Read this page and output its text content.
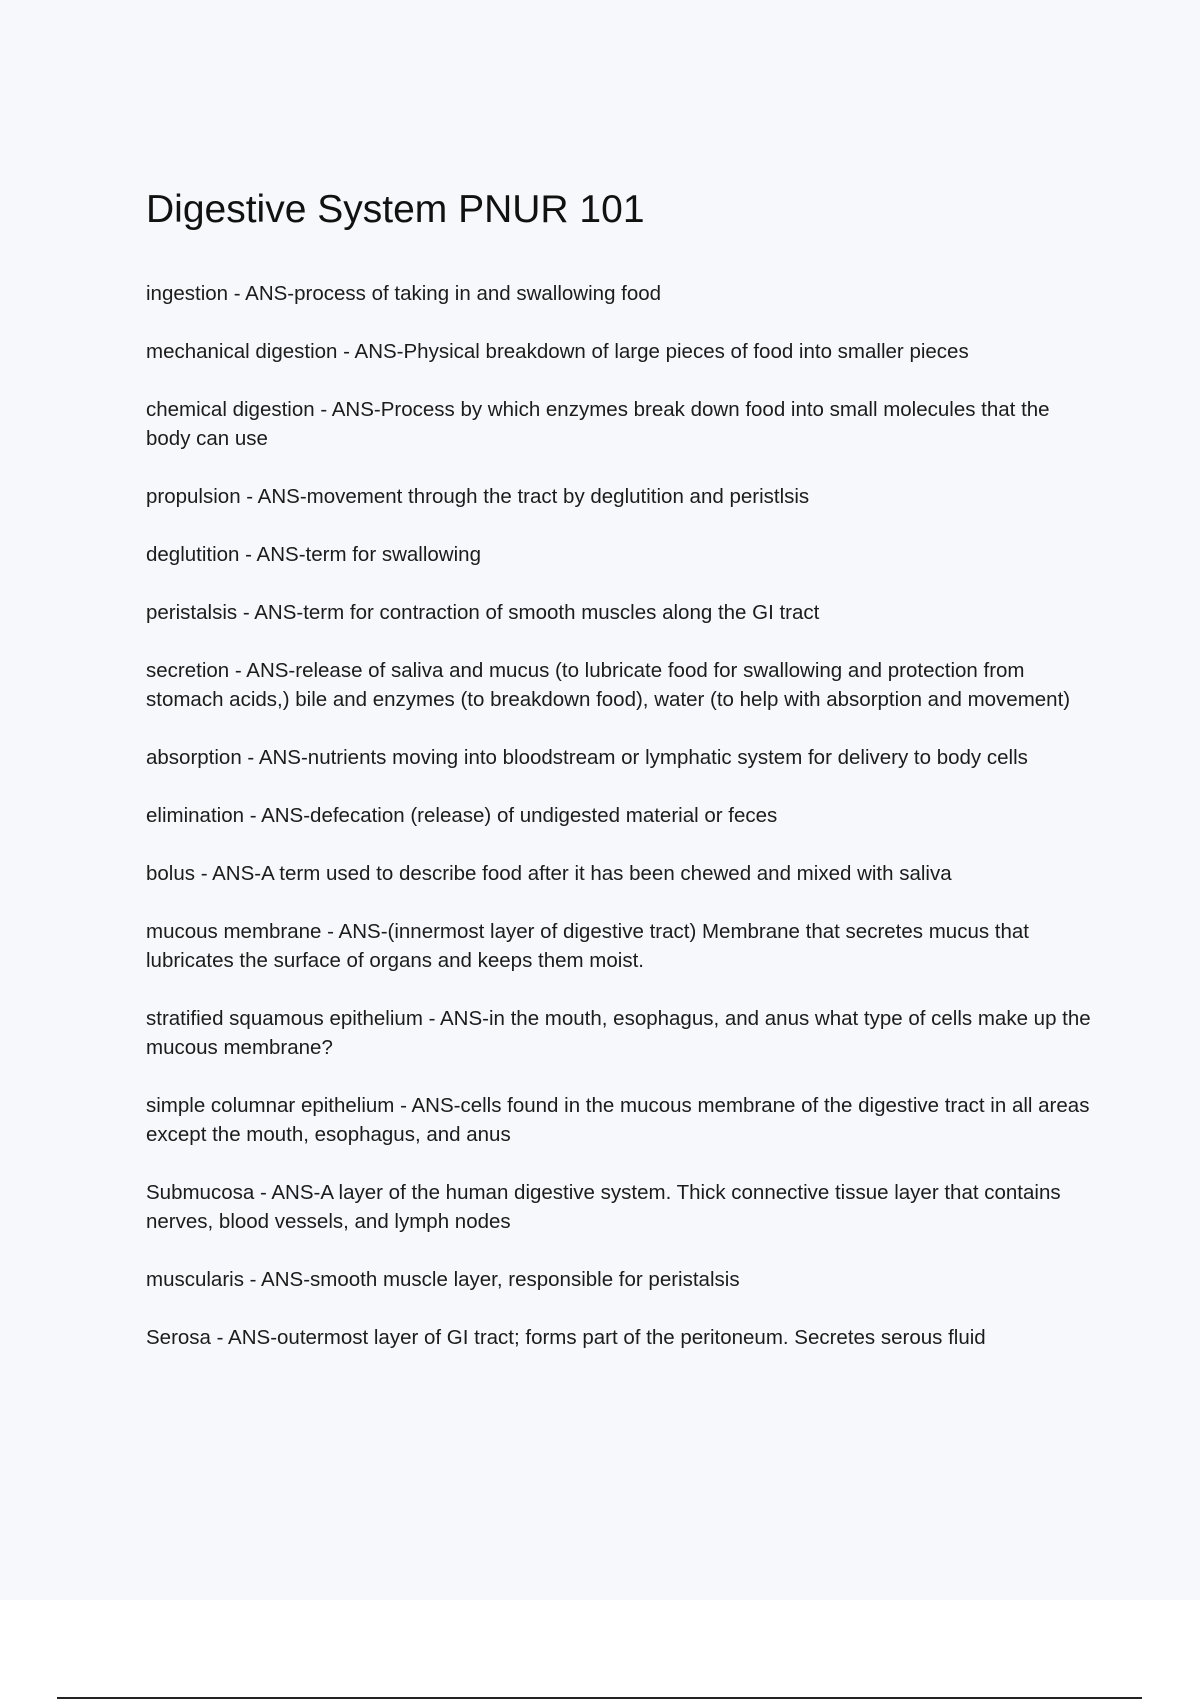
Digestive System PNUR 101

ingestion - ANS-process of taking in and swallowing food

mechanical digestion - ANS-Physical breakdown of large pieces of food into smaller pieces

chemical digestion - ANS-Process by which enzymes break down food into small molecules that the body can use

propulsion - ANS-movement through the tract by deglutition and peristlsis

deglutition - ANS-term for swallowing

peristalsis - ANS-term for contraction of smooth muscles along the GI tract

secretion - ANS-release of saliva and mucus (to lubricate food for swallowing and protection from stomach acids,) bile and enzymes (to breakdown food), water (to help with absorption and movement)

absorption - ANS-nutrients moving into bloodstream or lymphatic system for delivery to body cells

elimination - ANS-defecation (release) of undigested material or feces

bolus - ANS-A term used to describe food after it has been chewed and mixed with saliva

mucous membrane - ANS-(innermost layer of digestive tract) Membrane that secretes mucus that lubricates the surface of organs and keeps them moist.

stratified squamous epithelium - ANS-in the mouth, esophagus, and anus what type of cells make up the mucous membrane?

simple columnar epithelium - ANS-cells found in the mucous membrane of the digestive tract in all areas except the mouth, esophagus, and anus

Submucosa - ANS-A layer of the human digestive system. Thick connective tissue layer that contains nerves, blood vessels, and lymph nodes

muscularis - ANS-smooth muscle layer, responsible for peristalsis

Serosa - ANS-outermost layer of GI tract; forms part of the peritoneum. Secretes serous fluid
